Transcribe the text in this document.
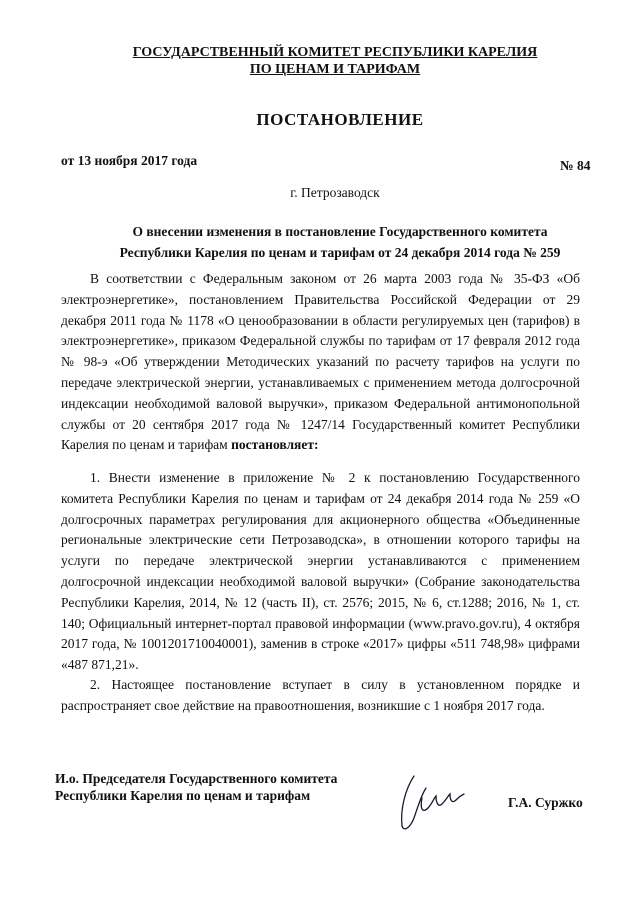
ГОСУДАРСТВЕННЫЙ КОМИТЕТ РЕСПУБЛИКИ КАРЕЛИЯ
ПО ЦЕНАМ И ТАРИФАМ
ПОСТАНОВЛЕНИЕ
от 13 ноября 2017 года	№ 84
г. Петрозаводск
О внесении изменения в постановление Государственного комитета Республики Карелия по ценам и тарифам от 24 декабря 2014 года № 259

В соответствии с Федеральным законом от 26 марта 2003 года № 35-ФЗ «Об электроэнергетике», постановлением Правительства Российской Федерации от 29 декабря 2011 года № 1178 «О ценообразовании в области регулируемых цен (тарифов) в электроэнергетике», приказом Федеральной службы по тарифам от 17 февраля 2012 года № 98-э «Об утверждении Методических указаний по расчету тарифов на услуги по передаче электрической энергии, устанавливаемых с применением метода долгосрочной индексации необходимой валовой выручки», приказом Федеральной антимонопольной службы от 20 сентября 2017 года № 1247/14 Государственный комитет Республики Карелия по ценам и тарифам постановляет:

1. Внести изменение в приложение № 2 к постановлению Государственного комитета Республики Карелия по ценам и тарифам от 24 декабря 2014 года № 259 «О долгосрочных параметрах регулирования для акционерного общества «Объединенные региональные электрические сети Петрозаводска», в отношении которого тарифы на услуги по передаче электрической энергии устанавливаются с применением долгосрочной индексации необходимой валовой выручки» (Собрание законодательства Республики Карелия, 2014, № 12 (часть II), ст. 2576; 2015, № 6, ст.1288; 2016, № 1, ст. 140; Официальный интернет-портал правовой информации (www.pravo.gov.ru), 4 октября 2017 года, № 1001201710040001), заменив в строке «2017» цифры «511 748,98» цифрами «487 871,21».

2. Настоящее постановление вступает в силу в установленном порядке и распространяет свое действие на правоотношения, возникшие с 1 ноября 2017 года.

И.о. Председателя Государственного комитета
Республики Карелия по ценам и тарифам	Г.А. Суржко
